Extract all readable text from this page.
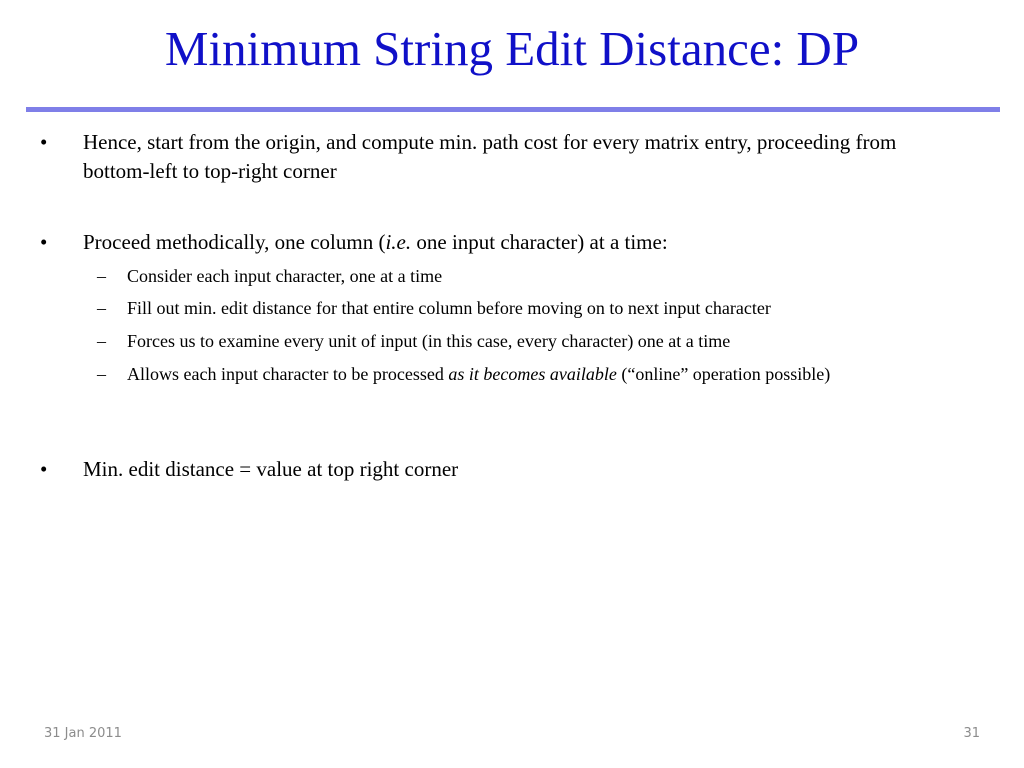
Minimum String Edit Distance: DP
•	Hence, start from the origin, and compute min. path cost for every matrix entry, proceeding from bottom-left to top-right corner
•	Proceed methodically, one column (i.e. one input character) at a time:
–	Consider each input character, one at a time
–	Fill out min. edit distance for that entire column before moving on to next input character
–	Forces us to examine every unit of input (in this case, every character) one at a time
–	Allows each input character to be processed as it becomes available (“online” operation possible)
•	Min. edit distance = value at top right corner
31 Jan 2011	31
